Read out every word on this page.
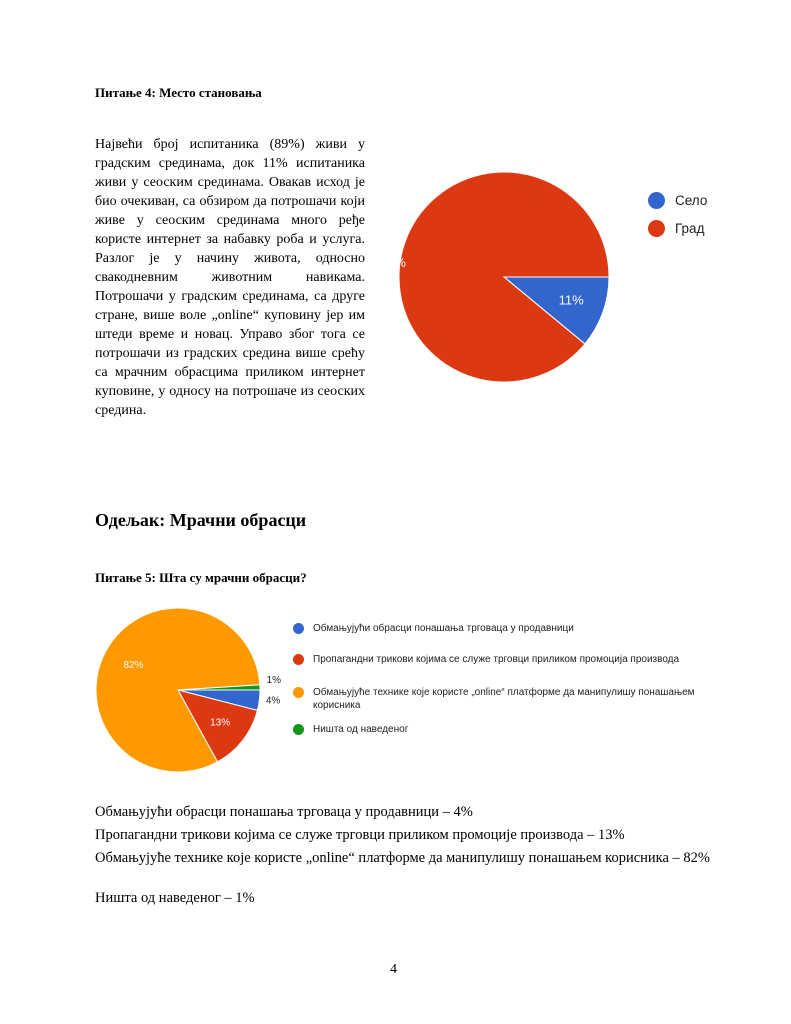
Питање 4: Место становања
Највећи број испитаника (89%) живи у градским срединама, док 11% испитаника живи у сеоским срединама. Овакав исход је био очекиван, са обзиром да потрошачи који живе у сеоским срединама много ређе користе интернет за набавку роба и услуга. Разлог је у начину живота, односно свакодневним животним навикама. Потрошачи у градским срединама, са друге стране, више воле „online“ куповину јер им штеди време и новац. Управо због тога се потрошачи из градских средина више срећу са мрачним обрасцима приликом интернет куповине, у односу на потрошаче из сеоских средина.
11%
89%
Село
Град
Одељак: Мрачни обрасци
Питање 5: Шта су мрачни обрасци?
4%
13%
82%
1%
Обмањујући обрасци понашања трговаца у продавници
Пропагандни трикови којима се служе трговци приликом промоција производа
Обмањујуће технике које користе „online“ платформе да манипулишу понашањем корисника
Ништа од наведеног
Обмањујући обрасци понашања трговаца у продавници – 4%
Пропагандни трикови којима се служе трговци приликом промоције производа – 13%
Обмањујуће технике које користе „online“ платформе да манипулишу понашањем корисника – 82%
Ништа од наведеног – 1%
4
